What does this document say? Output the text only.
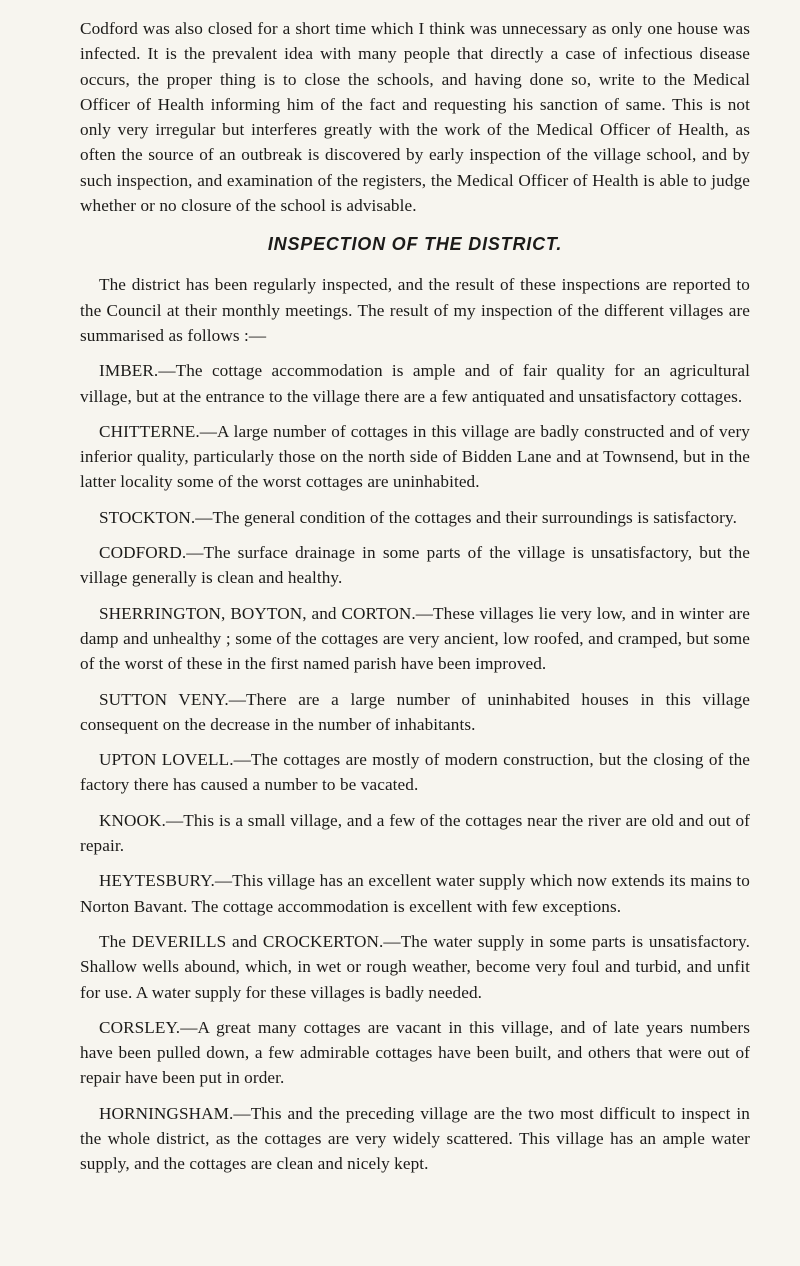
Codford was also closed for a short time which I think was unnecessary as only one house was infected. It is the prevalent idea with many people that directly a case of infectious disease occurs, the proper thing is to close the schools, and having done so, write to the Medical Officer of Health informing him of the fact and requesting his sanction of same. This is not only very irregular but interferes greatly with the work of the Medical Officer of Health, as often the source of an outbreak is discovered by early inspection of the village school, and by such inspection, and examination of the registers, the Medical Officer of Health is able to judge whether or no closure of the school is advisable.

INSPECTION OF THE DISTRICT.

The district has been regularly inspected, and the result of these inspections are reported to the Council at their monthly meetings. The result of my inspection of the different villages are summarised as follows :—

IMBER.—The cottage accommodation is ample and of fair quality for an agricultural village, but at the entrance to the village there are a few antiquated and unsatisfactory cottages.

CHITTERNE.—A large number of cottages in this village are badly constructed and of very inferior quality, particularly those on the north side of Bidden Lane and at Townsend, but in the latter locality some of the worst cottages are uninhabited.

STOCKTON.—The general condition of the cottages and their surroundings is satisfactory.

CODFORD.—The surface drainage in some parts of the village is unsatisfactory, but the village generally is clean and healthy.

SHERRINGTON, BOYTON, and CORTON.—These villages lie very low, and in winter are damp and unhealthy ; some of the cottages are very ancient, low roofed, and cramped, but some of the worst of these in the first named parish have been improved.

SUTTON VENY.—There are a large number of uninhabited houses in this village consequent on the decrease in the number of inhabitants.

UPTON LOVELL.—The cottages are mostly of modern construction, but the closing of the factory there has caused a number to be vacated.

KNOOK.—This is a small village, and a few of the cottages near the river are old and out of repair.

HEYTESBURY.—This village has an excellent water supply which now extends its mains to Norton Bavant. The cottage accommodation is excellent with few exceptions.

The DEVERILLS and CROCKERTON.—The water supply in some parts is unsatisfactory. Shallow wells abound, which, in wet or rough weather, become very foul and turbid, and unfit for use. A water supply for these villages is badly needed.

CORSLEY.—A great many cottages are vacant in this village, and of late years numbers have been pulled down, a few admirable cottages have been built, and others that were out of repair have been put in order.

HORNINGSHAM.—This and the preceding village are the two most difficult to inspect in the whole district, as the cottages are very widely scattered. This village has an ample water supply, and the cottages are clean and nicely kept.
